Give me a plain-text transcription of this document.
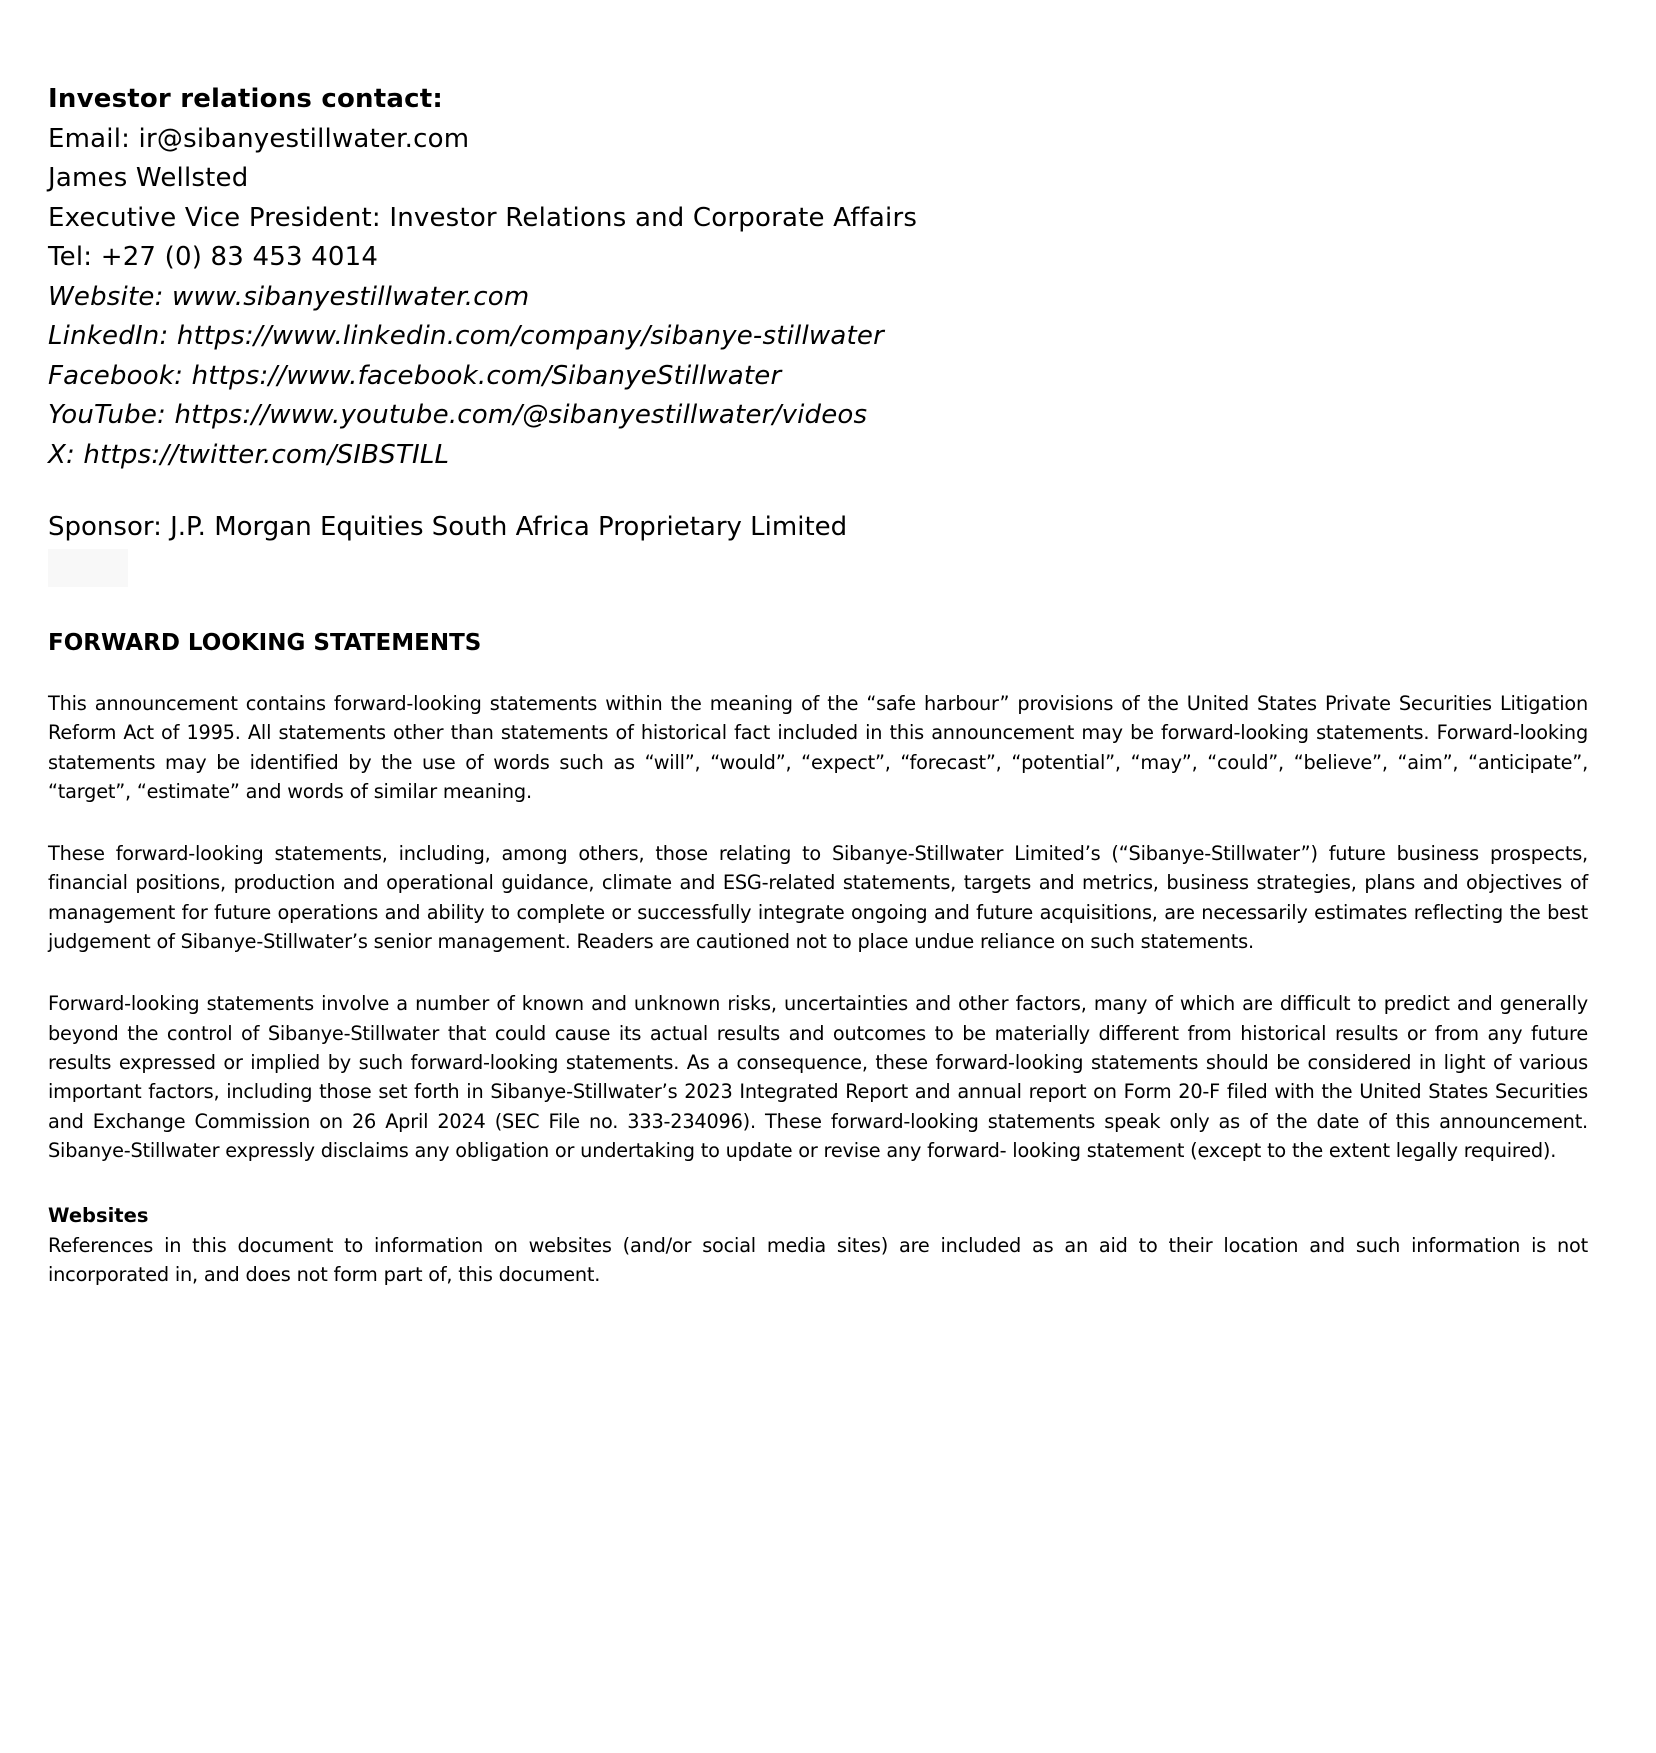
Investor relations contact:
Email: ir@sibanyestillwater.com
James Wellsted
Executive Vice President: Investor Relations and Corporate Affairs
Tel: +27 (0) 83 453 4014
Website: www.sibanyestillwater.com
LinkedIn: https://www.linkedin.com/company/sibanye-stillwater
Facebook: https://www.facebook.com/SibanyeStillwater
YouTube: https://www.youtube.com/@sibanyestillwater/videos
X: https://twitter.com/SIBSTILL
Sponsor: J.P. Morgan Equities South Africa Proprietary Limited
FORWARD LOOKING STATEMENTS

This announcement contains forward-looking statements within the meaning of the “safe harbour” provisions of the United States Private Securities Litigation Reform Act of 1995. All statements other than statements of historical fact included in this announcement may be forward-looking statements. Forward-looking statements may be identified by the use of words such as “will”, “would”, “expect”, “forecast”, “potential”, “may”, “could”, “believe”, “aim”, “anticipate”, “target”, “estimate” and words of similar meaning.

These forward-looking statements, including, among others, those relating to Sibanye-Stillwater Limited’s (“Sibanye-Stillwater”) future business prospects, financial positions, production and operational guidance, climate and ESG-related statements, targets and metrics, business strategies, plans and objectives of management for future operations and ability to complete or successfully integrate ongoing and future acquisitions, are necessarily estimates reflecting the best judgement of Sibanye-Stillwater’s senior management. Readers are cautioned not to place undue reliance on such statements.

Forward-looking statements involve a number of known and unknown risks, uncertainties and other factors, many of which are difficult to predict and generally beyond the control of Sibanye-Stillwater that could cause its actual results and outcomes to be materially different from historical results or from any future results expressed or implied by such forward-looking statements. As a consequence, these forward-looking statements should be considered in light of various important factors, including those set forth in Sibanye-Stillwater’s 2023 Integrated Report and annual report on Form 20-F filed with the United States Securities and Exchange Commission on 26 April 2024 (SEC File no. 333-234096). These forward-looking statements speak only as of the date of this announcement. Sibanye-Stillwater expressly disclaims any obligation or undertaking to update or revise any forward- looking statement (except to the extent legally required).

Websites

References in this document to information on websites (and/or social media sites) are included as an aid to their location and such information is not incorporated in, and does not form part of, this document.
